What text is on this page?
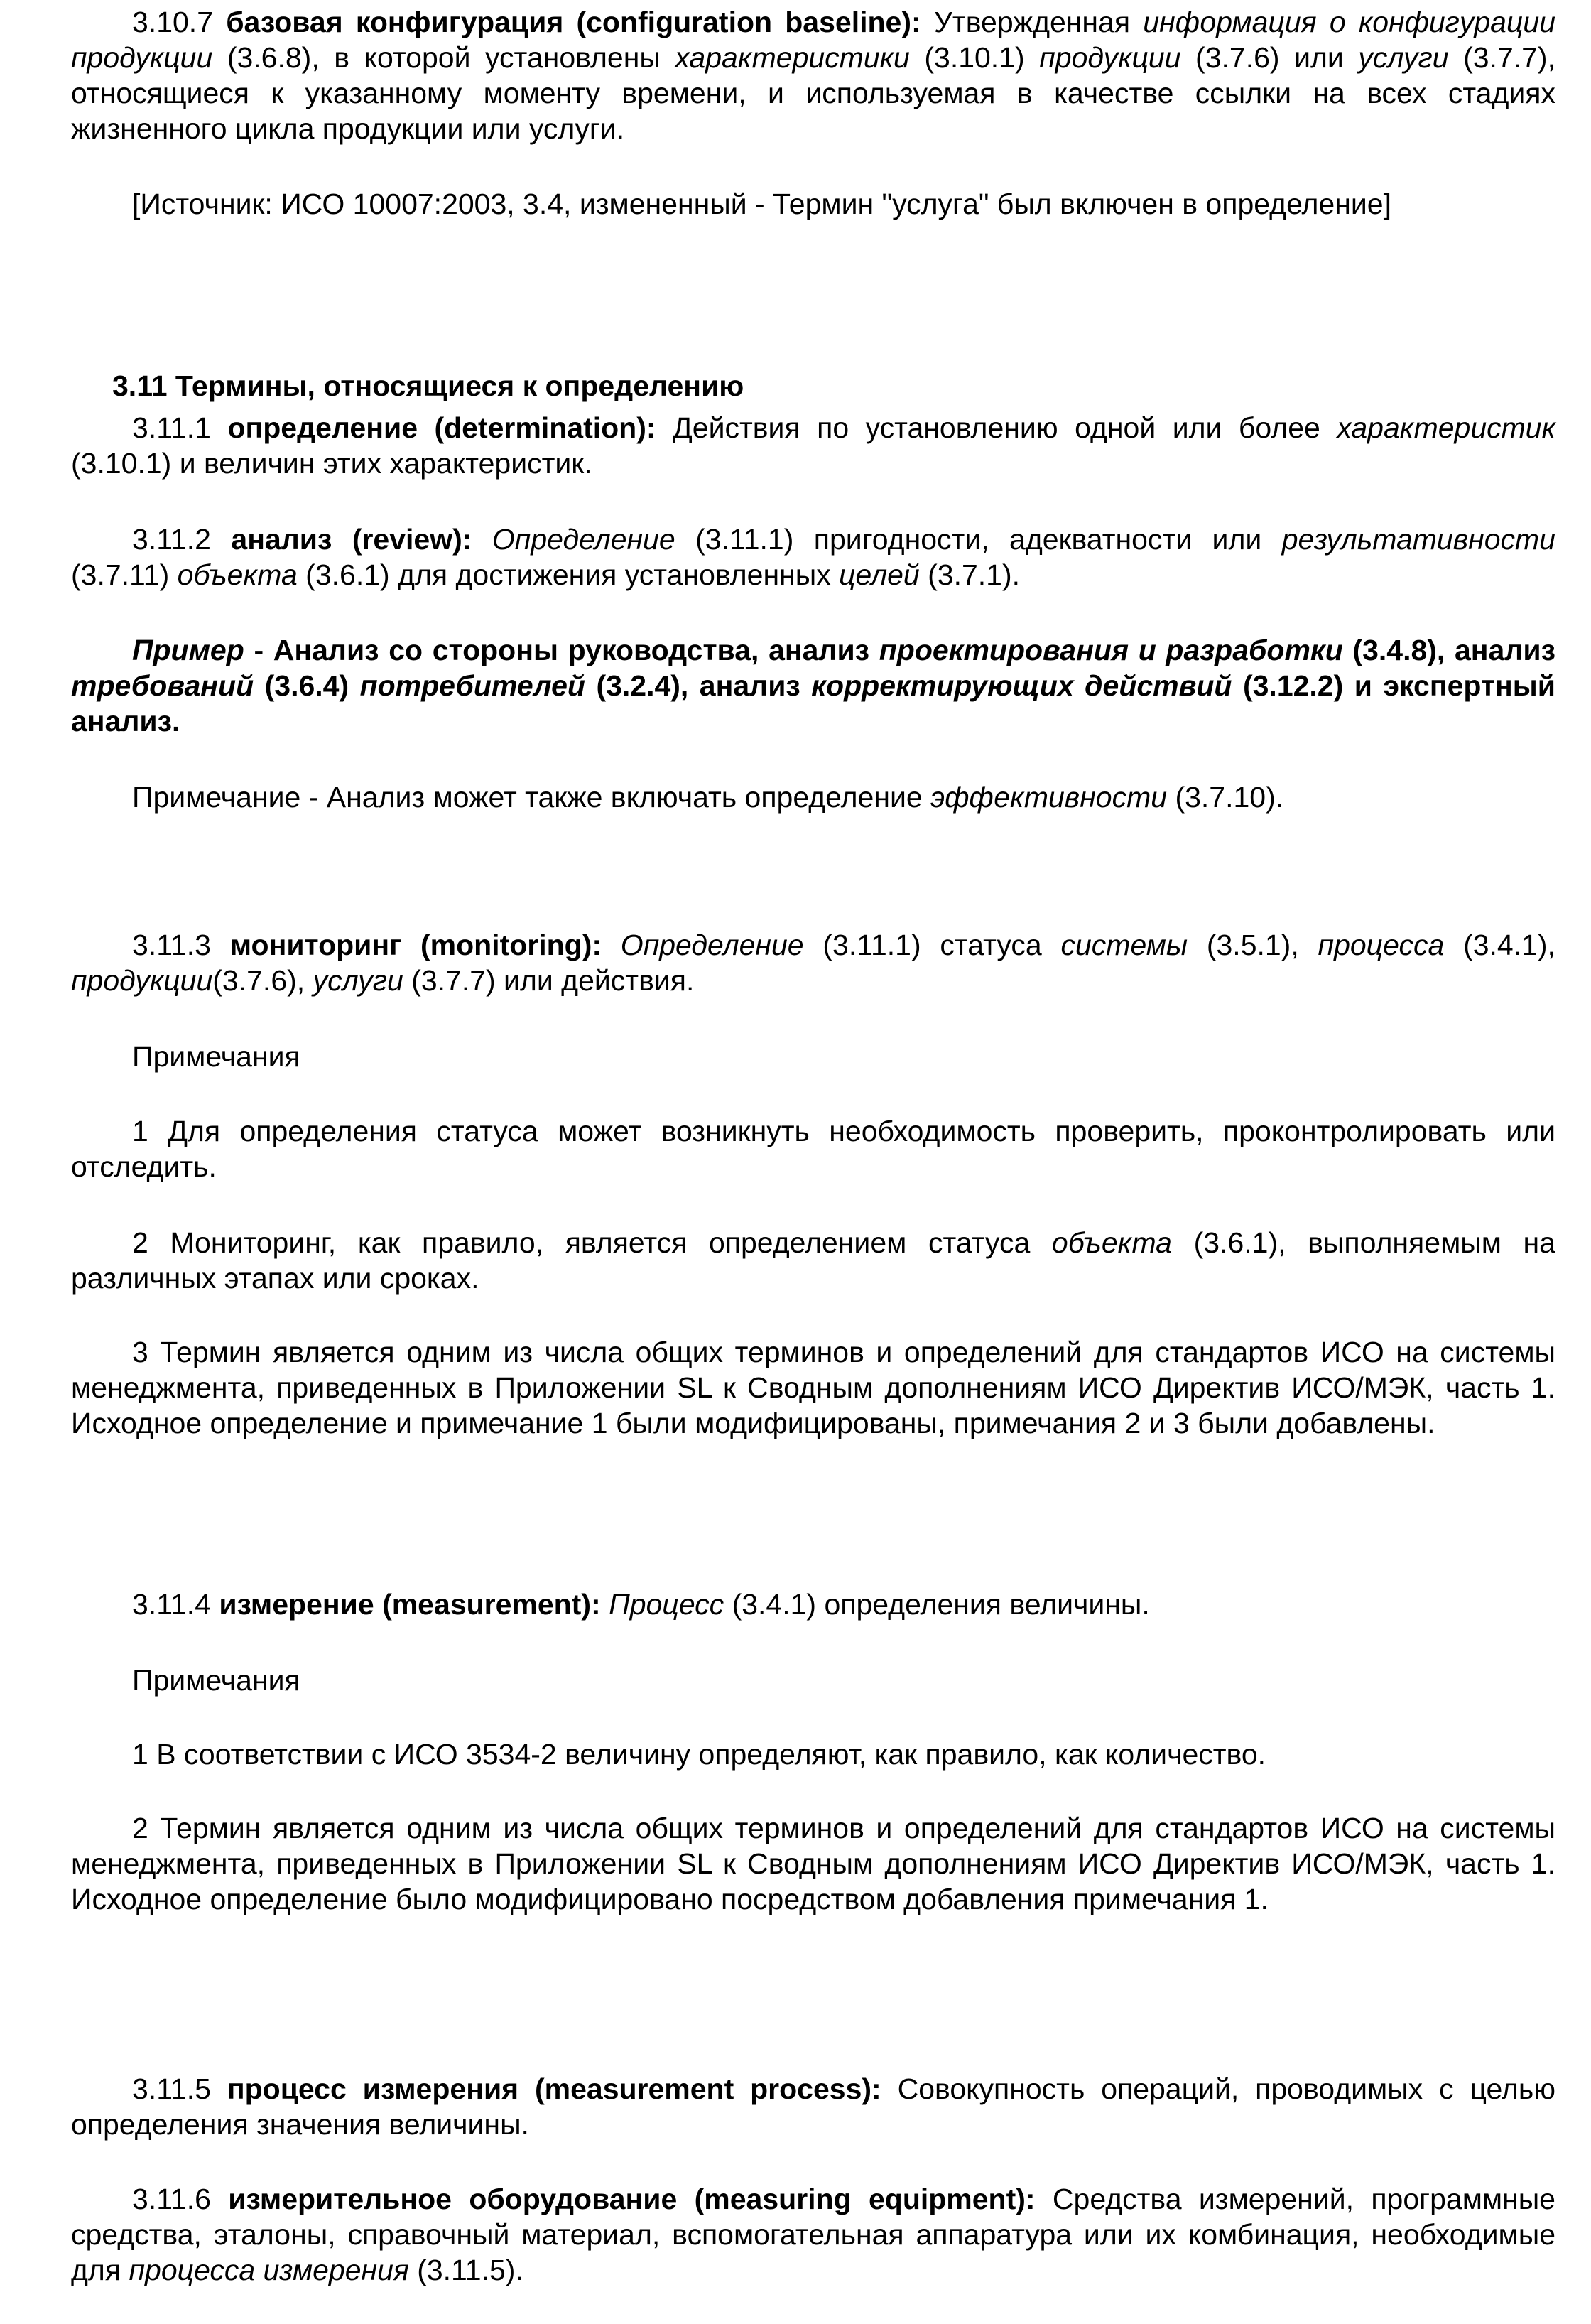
3.10.7 базовая конфигурация (configuration baseline): Утвержденная информация о конфигурации продукции (3.6.8), в которой установлены характеристики (3.10.1) продукции (3.7.6) или услуги (3.7.7), относящиеся к указанному моменту времени, и используемая в качестве ссылки на всех стадиях жизненного цикла продукции или услуги.

[Источник: ИСО 10007:2003, 3.4, измененный - Термин "услуга" был включен в определение]

3.11 Термины, относящиеся к определению

3.11.1 определение (determination): Действия по установлению одной или более характеристик (3.10.1) и величин этих характеристик.

3.11.2 анализ (review): Определение (3.11.1) пригодности, адекватности или результативности (3.7.11) объекта (3.6.1) для достижения установленных целей (3.7.1).

Пример - Анализ со стороны руководства, анализ проектирования и разработки (3.4.8), анализ требований (3.6.4) потребителей (3.2.4), анализ корректирующих действий (3.12.2) и экспертный анализ.

Примечание - Анализ может также включать определение эффективности (3.7.10).

3.11.3 мониторинг (monitoring): Определение (3.11.1) статуса системы (3.5.1), процесса (3.4.1), продукции(3.7.6), услуги (3.7.7) или действия.

Примечания

1 Для определения статуса может возникнуть необходимость проверить, проконтролировать или отследить.

2 Мониторинг, как правило, является определением статуса объекта (3.6.1), выполняемым на различных этапах или сроках.

3 Термин является одним из числа общих терминов и определений для стандартов ИСО на системы менеджмента, приведенных в Приложении SL к Сводным дополнениям ИСО Директив ИСО/МЭК, часть 1. Исходное определение и примечание 1 были модифицированы, примечания 2 и 3 были добавлены.

3.11.4 измерение (measurement): Процесс (3.4.1) определения величины.

Примечания

1 В соответствии с ИСО 3534-2 величину определяют, как правило, как количество.

2 Термин является одним из числа общих терминов и определений для стандартов ИСО на системы менеджмента, приведенных в Приложении SL к Сводным дополнениям ИСО Директив ИСО/МЭК, часть 1. Исходное определение было модифицировано посредством добавления примечания 1.

3.11.5 процесс измерения (measurement process): Совокупность операций, проводимых с целью определения значения величины.

3.11.6 измерительное оборудование (measuring equipment): Средства измерений, программные средства, эталоны, справочный материал, вспомогательная аппаратура или их комбинация, необходимые для процесса измерения (3.11.5).
